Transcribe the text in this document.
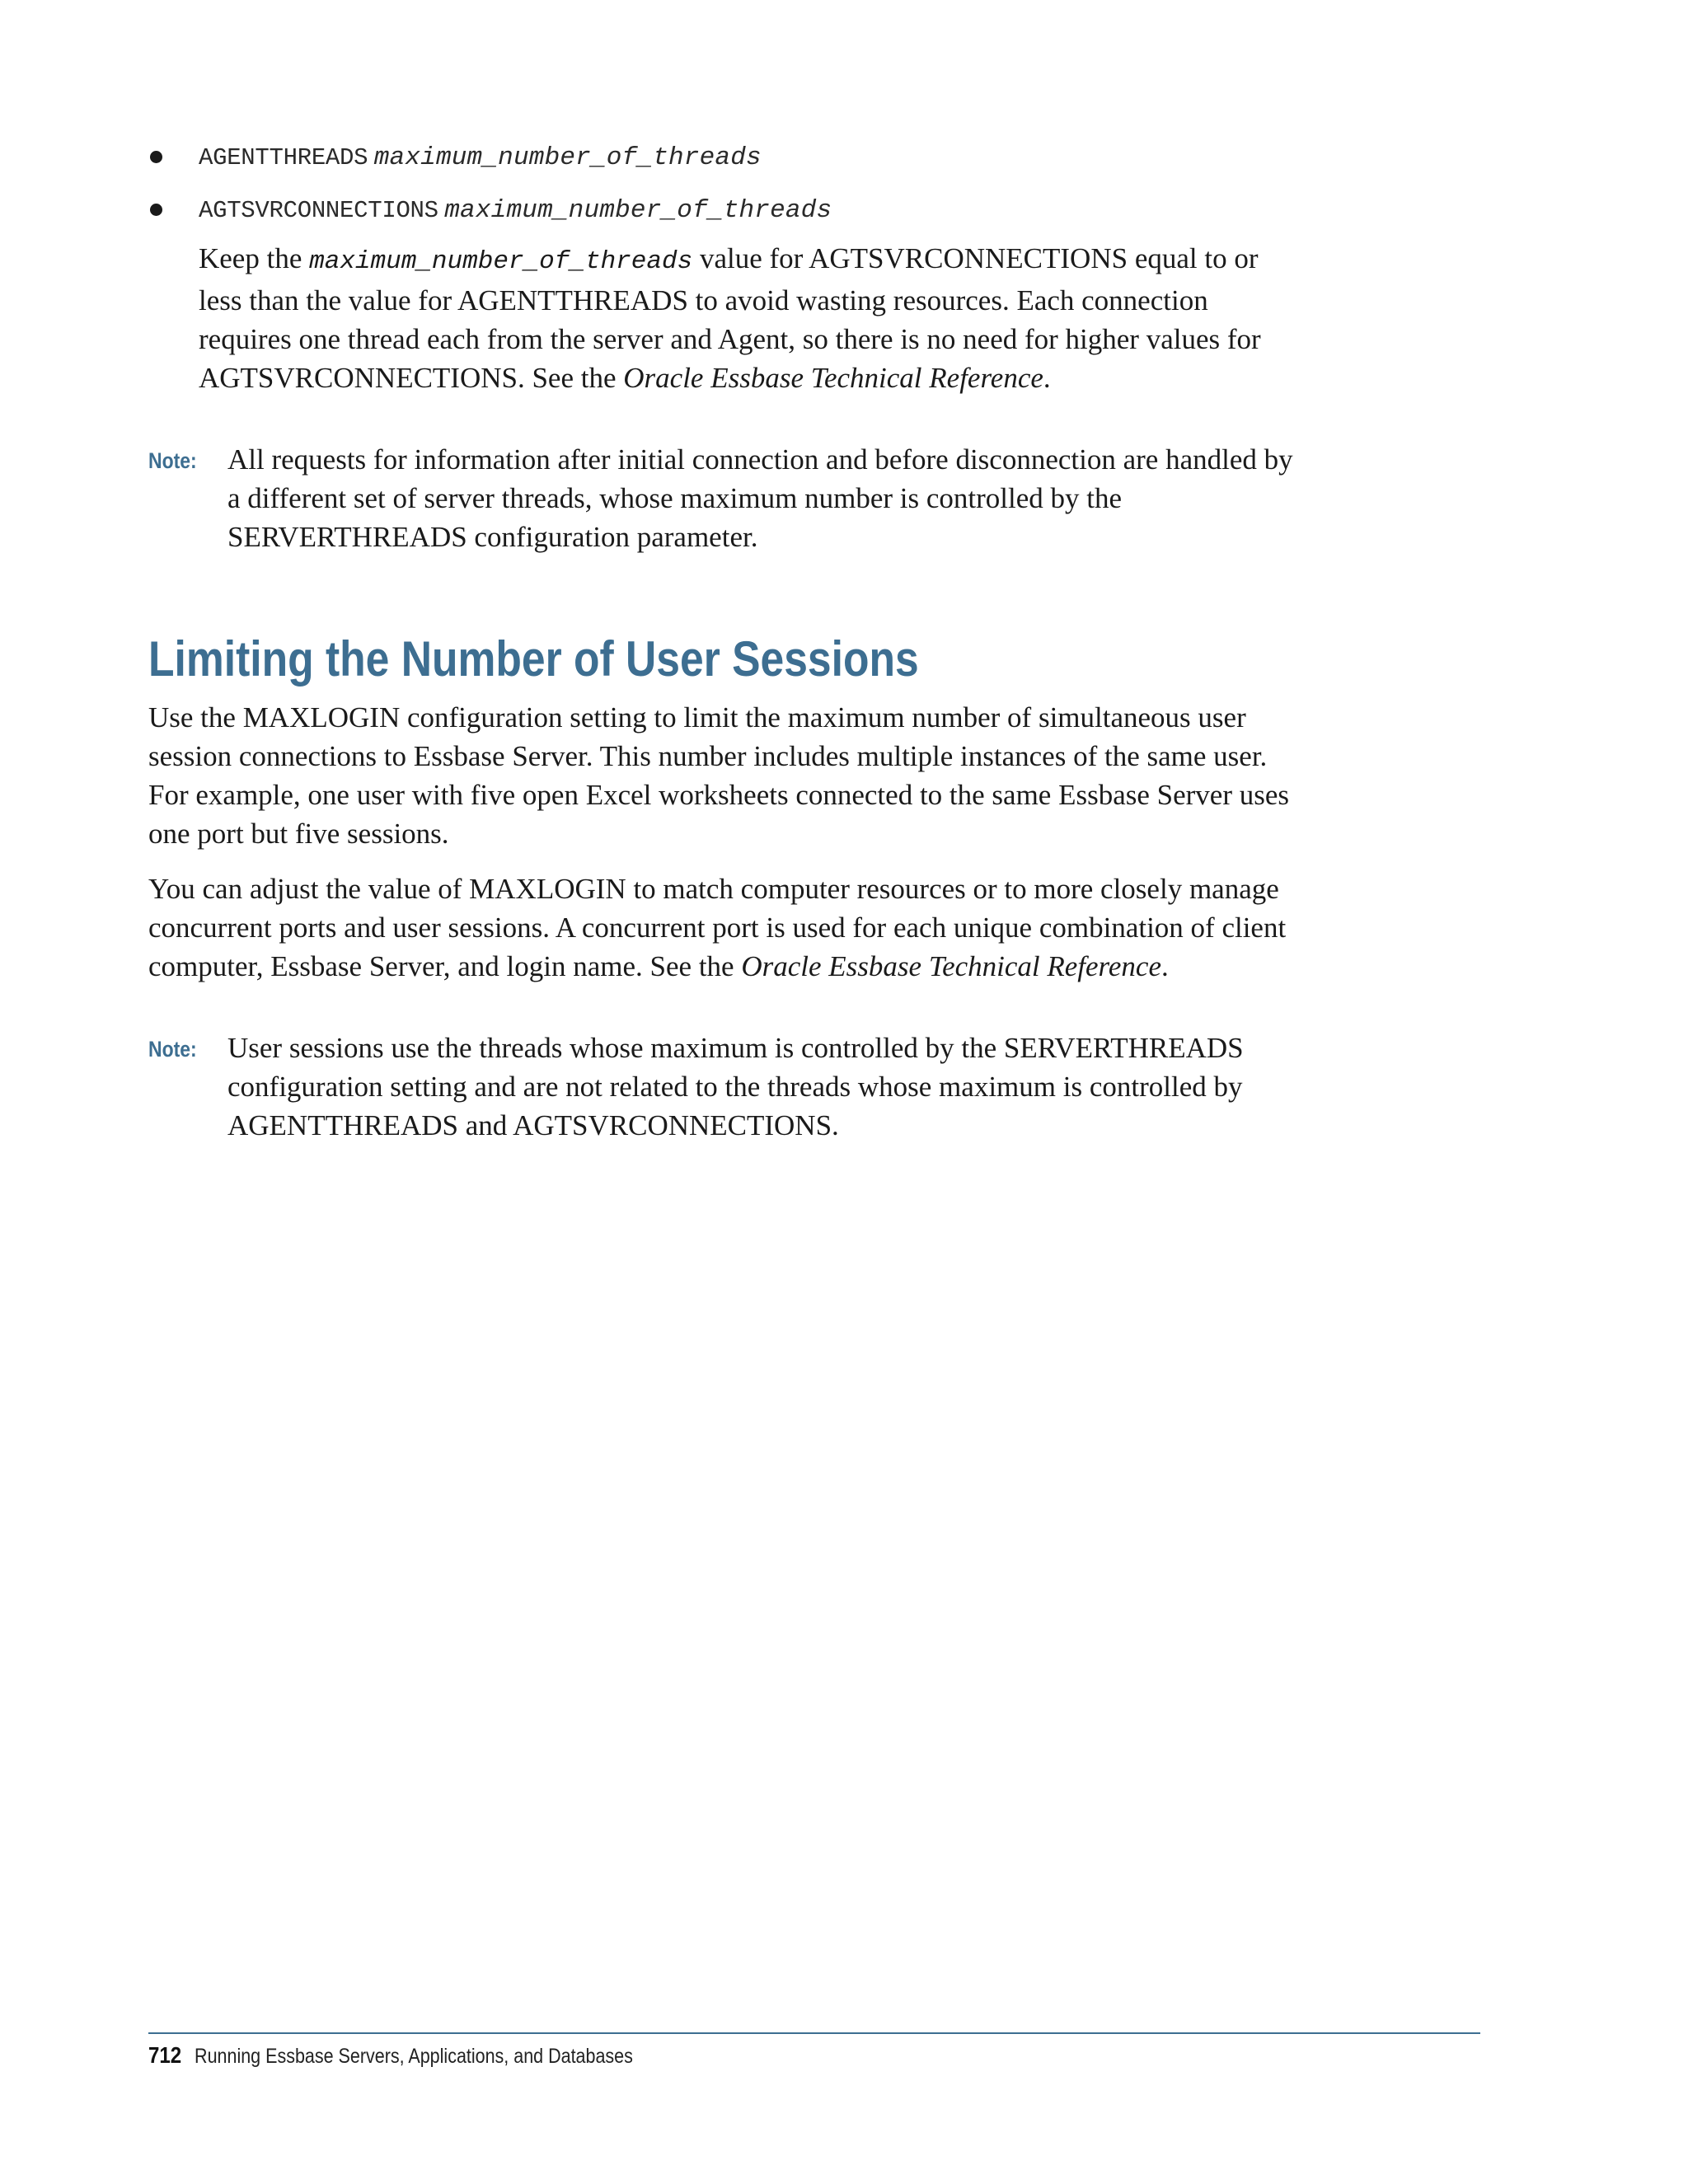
AGENTTHREADS maximum_number_of_threads
AGTSVRCONNECTIONS maximum_number_of_threads

Keep the maximum_number_of_threads value for AGTSVRCONNECTIONS equal to or less than the value for AGENTTHREADS to avoid wasting resources. Each connection requires one thread each from the server and Agent, so there is no need for higher values for AGTSVRCONNECTIONS. See the Oracle Essbase Technical Reference.

Note: All requests for information after initial connection and before disconnection are handled by a different set of server threads, whose maximum number is controlled by the SERVERTHREADS configuration parameter.
Limiting the Number of User Sessions

Use the MAXLOGIN configuration setting to limit the maximum number of simultaneous user session connections to Essbase Server. This number includes multiple instances of the same user. For example, one user with five open Excel worksheets connected to the same Essbase Server uses one port but five sessions.

You can adjust the value of MAXLOGIN to match computer resources or to more closely manage concurrent ports and user sessions. A concurrent port is used for each unique combination of client computer, Essbase Server, and login name. See the Oracle Essbase Technical Reference.

Note: User sessions use the threads whose maximum is controlled by the SERVERTHREADS configuration setting and are not related to the threads whose maximum is controlled by AGENTTHREADS and AGTSVRCONNECTIONS.
712 Running Essbase Servers, Applications, and Databases
